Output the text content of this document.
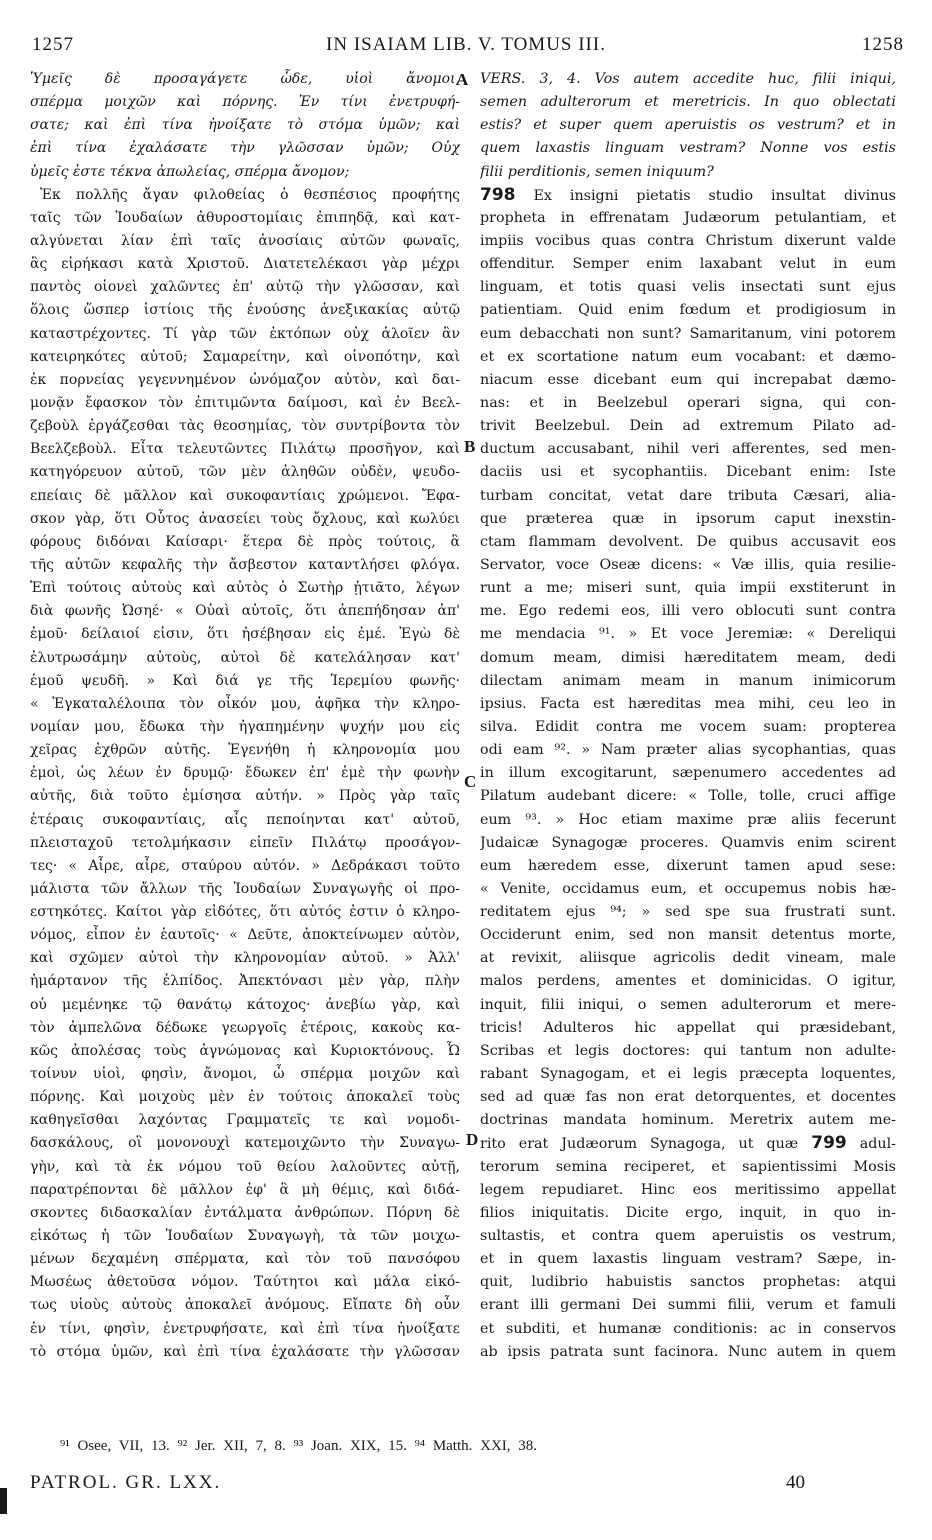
1257	IN ISAIAM LIB. V. TOMUS III.	1258
Ὑμεῖς δὲ προσαγάγετε ὧδε, υἱοὶ ἄνομοι,
σπέρμα μοιχῶν καὶ πόρνης. Ἐν τίνι ἐνετρυφή-
σατε; καὶ ἐπὶ τίνα ἠνοίξατε τὸ στόμα ὑμῶν; καὶ
ἐπὶ τίνα ἐχαλάσατε τὴν γλῶσσαν ὑμῶν; Οὐχ
ὑμεῖς ἐστε τέκνα ἀπωλείας, σπέρμα ἄνομον;
Ἐκ πολλῆς ἄγαν φιλοθείας ὁ θεσπέσιος προφήτης
ταῖς τῶν Ἰουδαίων ἀθυροστομίαις ἐπιπηδᾷ, καὶ κατ-
αλγύνεται λίαν ἐπὶ ταῖς ἀνοσίαις αὐτῶν φωναῖς,
ἃς εἰρήκασι κατὰ Χριστοῦ. Διατετελέκασι γὰρ μέχρι
παντὸς οἱονεὶ χαλῶντες ἐπ' αὐτῷ τὴν γλῶσσαν, καὶ
ὅλοις ὥσπερ ἱστίοις τῆς ἐνούσης ἀνεξικακίας αὐτῷ
καταστρέχοντες. Τί γὰρ τῶν ἐκτόπων οὐχ ἁλοῖεν ἂν
κατειρηκότες αὐτοῦ; Σαμαρείτην, καὶ οἰνοπότην, καὶ
ἐκ πορνείας γεγεννημένον ὠνόμαζον αὐτὸν, καὶ δαι-
μονᾷν ἔφασκον τὸν ἐπιτιμῶντα δαίμοσι, καὶ ἐν Βεελ-
ζεβοὺλ ἐργάζεσθαι τὰς θεοσημίας, τὸν συντρίβοντα τὸν
Βεελζεβοὺλ. Εἶτα τελευτῶντες Πιλάτῳ προσῆγον, καὶ
κατηγόρευον αὐτοῦ, τῶν μὲν ἀληθῶν οὐδὲν, ψευδο-
επείαις δὲ μᾶλλον καὶ συκοφαντίαις χρώμενοι. Ἔφα-
σκον γὰρ, ὅτι Οὗτος ἀνασείει τοὺς ὄχλους, καὶ κωλύει
φόρους διδόναι Καίσαρι· ἕτερα δὲ πρὸς τούτοις, ἃ
τῆς αὐτῶν κεφαλῆς τὴν ἄσβεστον καταντλήσει φλόγα.
Ἐπὶ τούτοις αὐτοὺς καὶ αὐτὸς ὁ Σωτὴρ ᾐτιᾶτο, λέγων
διὰ φωνῆς Ὠσηέ· « Οὐαὶ αὐτοῖς, ὅτι ἀπεπήδησαν ἀπ'
ἐμοῦ· δείλαιοί εἰσιν, ὅτι ἠσέβησαν εἰς ἐμέ. Ἐγὼ δὲ
ἐλυτρωσάμην αὐτοὺς, αὐτοὶ δὲ κατελάλησαν κατ'
ἐμοῦ ψευδῆ. » Καὶ διά γε τῆς Ἱερεμίου φωνῆς·
« Ἐγκαταλέλοιπα τὸν οἶκόν μου, ἀφῆκα τὴν κληρο-
νομίαν μου, ἔδωκα τὴν ἠγαπημένην ψυχήν μου εἰς
χεῖρας ἐχθρῶν αὐτῆς. Ἐγενήθη ἡ κληρονομία μου
ἐμοὶ, ὡς λέων ἐν δρυμῷ· ἔδωκεν ἐπ' ἐμὲ τὴν φωνὴν
αὐτῆς, διὰ τοῦτο ἐμίσησα αὐτήν. » Πρὸς γὰρ ταῖς
ἑτέραις συκοφαντίαις, αἷς πεποίηνται κατ' αὐτοῦ,
πλεισταχοῦ τετολμήκασιν εἰπεῖν Πιλάτῳ προσάγον-
τες· « Αἶρε, αἶρε, σταύρου αὐτόν. » Δεδράκασι τοῦτο
μάλιστα τῶν ἄλλων τῆς Ἰουδαίων Συναγωγῆς οἱ προ-
εστηκότες. Καίτοι γὰρ εἰδότες, ὅτι αὐτός ἐστιν ὁ κληρο-
νόμος, εἶπον ἐν ἑαυτοῖς· « Δεῦτε, ἀποκτείνωμεν αὐτὸν,
καὶ σχῶμεν αὐτοὶ τὴν κληρονομίαν αὐτοῦ. » Ἀλλ'
ἡμάρτανον τῆς ἐλπίδος. Ἀπεκτόνασι μὲν γὰρ, πλὴν
οὐ μεμένηκε τῷ θανάτῳ κάτοχος· ἀνεβίω γὰρ, καὶ
τὸν ἀμπελῶνα δέδωκε γεωργοῖς ἑτέροις, κακοὺς κα-
κῶς ἀπολέσας τοὺς ἀγνώμονας καὶ Κυριοκτόνους. Ὦ
τοίνυν υἱοὶ, φησὶν, ἄνομοι, ὦ σπέρμα μοιχῶν καὶ
πόρνης. Καὶ μοιχοὺς μὲν ἐν τούτοις ἀποκαλεῖ τοὺς
καθηγεῖσθαι λαχόντας Γραμματεῖς τε καὶ νομοδι-
δασκάλους, οἳ μονονουχὶ κατεμοιχῶντο τὴν Συναγω-
γὴν, καὶ τὰ ἐκ νόμου τοῦ θείου λαλοῦντες αὐτῇ,
παρατρέπονται δὲ μᾶλλον ἐφ' ἃ μὴ θέμις, καὶ διδά-
σκοντες διδασκαλίαν ἐντάλματα ἀνθρώπων. Πόρνη δὲ
εἰκότως ἡ τῶν Ἰουδαίων Συναγωγὴ, τὰ τῶν μοιχω-
μένων δεχαμένη σπέρματα, καὶ τὸν τοῦ πανσόφου
Μωσέως ἀθετοῦσα νόμον. Ταύτητοι καὶ μάλα εἰκό-
τως υἱοὺς αὐτοὺς ἀποκαλεῖ ἀνόμους. Εἴπατε δὴ οὖν
ἐν τίνι, φησὶν, ἐνετρυφήσατε, καὶ ἐπὶ τίνα ἠνοίξατε
τὸ στόμα ὑμῶν, καὶ ἐπὶ τίνα ἐχαλάσατε τὴν γλῶσσαν
VERS. 3, 4. Vos autem accedite huc, filii iniqui,
semen adulterorum et meretricis. In quo oblectati
estis? et super quem aperuistis os vestrum? et in
quem laxastis linguam vestram? Nonne vos estis
filii perditionis, semen iniquum?
798 Ex insigni pietatis studio insultat divinus
propheta in effrenatam Judæorum petulantiam, et
impiis vocibus quas contra Christum dixerunt valde
offenditur. Semper enim laxabant velut in eum
linguam, et totis quasi velis insectati sunt ejus
patientiam. Quid enim fœdum et prodigiosum in
eum debacchati non sunt? Samaritanum, vini potorem
et ex scortatione natum eum vocabant: et dæmo-
niacum esse dicebant eum qui increpabat dæmo-
nas: et in Beelzebul operari signa, qui con-
trivit Beelzebul. Dein ad extremum Pilato ad-
ductum accusabant, nihil veri afferentes, sed men-
daciis usi et sycophantiis. Dicebant enim: Iste
turbam concitat, vetat dare tributa Cæsari, alia-
que præterea quæ in ipsorum caput inexstin-
ctam flammam devolvent. De quibus accusavit eos
Servator, voce Oseæ dicens: « Væ illis, quia resilie-
runt a me; miseri sunt, quia impii exstiterunt in
me. Ego redemi eos, illi vero oblocuti sunt contra
me mendacia ⁹¹. » Et voce Jeremiæ: « Dereliqui
domum meam, dimisi hæreditatem meam, dedi
dilectam animam meam in manum inimicorum
ipsius. Facta est hæreditas mea mihi, ceu leo in
silva. Edidit contra me vocem suam: propterea
odi eam ⁹². » Nam præter alias sycophantias, quas
in illum excogitarunt, sæpenumero accedentes ad
Pilatum audebant dicere: « Tolle, tolle, cruci affige
eum ⁹³. » Hoc etiam maxime præ aliis fecerunt
Judaicæ Synagogæ proceres. Quamvis enim scirent
eum hæredem esse, dixerunt tamen apud sese:
« Venite, occidamus eum, et occupemus nobis hæ-
reditatem ejus ⁹⁴; » sed spe sua frustrati sunt.
Occiderunt enim, sed non mansit detentus morte,
at revixit, aliisque agricolis dedit vineam, male
malos perdens, amentes et dominicidas. O igitur,
inquit, filii iniqui, o semen adulterorum et mere-
tricis! Adulteros hic appellat qui præsidebant,
Scribas et legis doctores: qui tantum non adulte-
rabant Synagogam, et ei legis præcepta loquentes,
sed ad quæ fas non erat detorquentes, et docentes
doctrinas mandata hominum. Meretrix autem me-
rito erat Judæorum Synagoga, ut quæ 799 adul-
terorum semina reciperet, et sapientissimi Mosis
legem repudiaret. Hinc eos meritissimo appellat
filios iniquitatis. Dicite ergo, inquit, in quo in-
sultastis, et contra quem aperuistis os vestrum,
et in quem laxastis linguam vestram? Sæpe, in-
quit, ludibrio habuistis sanctos prophetas: atqui
erant illi germani Dei summi filii, verum et famuli
et subditi, et humanæ conditionis: ac in conservos
ab ipsis patrata sunt facinora. Nunc autem in quem
A
B
C
D
⁹¹ Osee, VII, 13. ⁹² Jer. XII, 7, 8. ⁹³ Joan. XIX, 15. ⁹⁴ Matth. XXI, 38.
PATROL. GR. LXX.	40
